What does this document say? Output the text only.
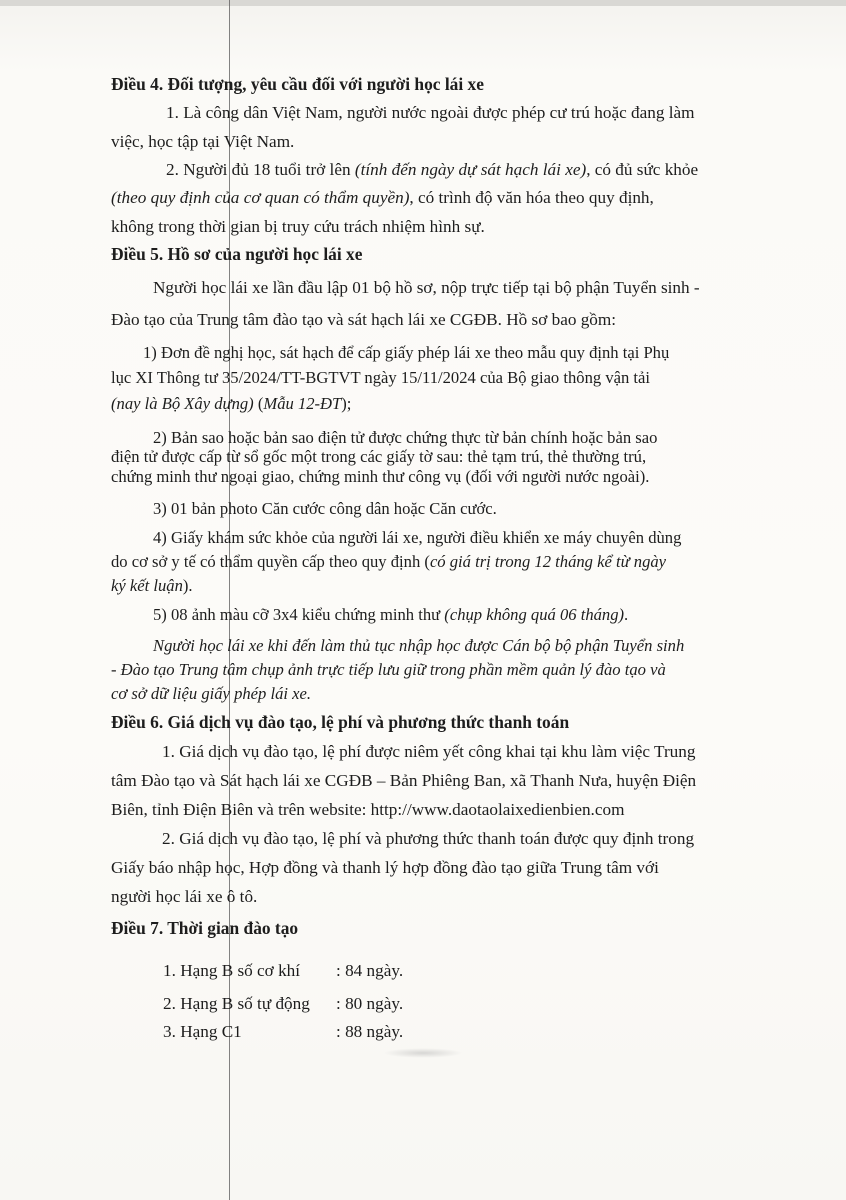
Điều 4. Đối tượng, yêu cầu đối với người học lái xe
1. Là công dân Việt Nam, người nước ngoài được phép cư trú hoặc đang làm
việc, học tập tại Việt Nam.
2. Người đủ 18 tuổi trở lên (tính đến ngày dự sát hạch lái xe), có đủ sức khỏe
(theo quy định của cơ quan có thẩm quyền), có trình độ văn hóa theo quy định,
không trong thời gian bị truy cứu trách nhiệm hình sự.
Điều 5. Hồ sơ của người học lái xe
Người học lái xe lần đầu lập 01 bộ hồ sơ, nộp trực tiếp tại bộ phận Tuyển sinh -
Đào tạo của Trung tâm đào tạo và sát hạch lái xe CGĐB. Hồ sơ bao gồm:
1) Đơn đề nghị học, sát hạch để cấp giấy phép lái xe theo mẫu quy định tại Phụ
lục XI Thông tư 35/2024/TT-BGTVT ngày 15/11/2024 của Bộ giao thông vận tải
(nay là Bộ Xây dựng) (Mẫu 12-ĐT);
2) Bản sao hoặc bản sao điện tử được chứng thực từ bản chính hoặc bản sao
điện tử được cấp từ sổ gốc một trong các giấy tờ sau: thẻ tạm trú, thẻ thường trú,
chứng minh thư ngoại giao, chứng minh thư công vụ (đối với người nước ngoài).
3) 01 bản photo Căn cước công dân hoặc Căn cước.
4) Giấy khám sức khỏe của người lái xe, người điều khiển xe máy chuyên dùng
do cơ sở y tế có thẩm quyền cấp theo quy định (có giá trị trong 12 tháng kể từ ngày
ký kết luận).
5) 08 ảnh màu cỡ 3x4 kiểu chứng minh thư (chụp không quá 06 tháng).
Người học lái xe khi đến làm thủ tục nhập học được Cán bộ bộ phận Tuyển sinh
- Đào tạo Trung tâm chụp ảnh trực tiếp lưu giữ trong phần mềm quản lý đào tạo và
cơ sở dữ liệu giấy phép lái xe.
Điều 6. Giá dịch vụ đào tạo, lệ phí và phương thức thanh toán
1. Giá dịch vụ đào tạo, lệ phí được niêm yết công khai tại khu làm việc Trung
tâm Đào tạo và Sát hạch lái xe CGĐB – Bản Phiêng Ban, xã Thanh Nưa, huyện Điện
Biên, tỉnh Điện Biên và trên website: http://www.daotaolaixedienbien.com
2. Giá dịch vụ đào tạo, lệ phí và phương thức thanh toán được quy định trong
Giấy báo nhập học, Hợp đồng và thanh lý hợp đồng đào tạo giữa Trung tâm với
người học lái xe ô tô.
Điều 7. Thời gian đào tạo
1. Hạng B số cơ khí : 84 ngày.
2. Hạng B số tự động : 80 ngày.
3. Hạng C1	: 88 ngày.
